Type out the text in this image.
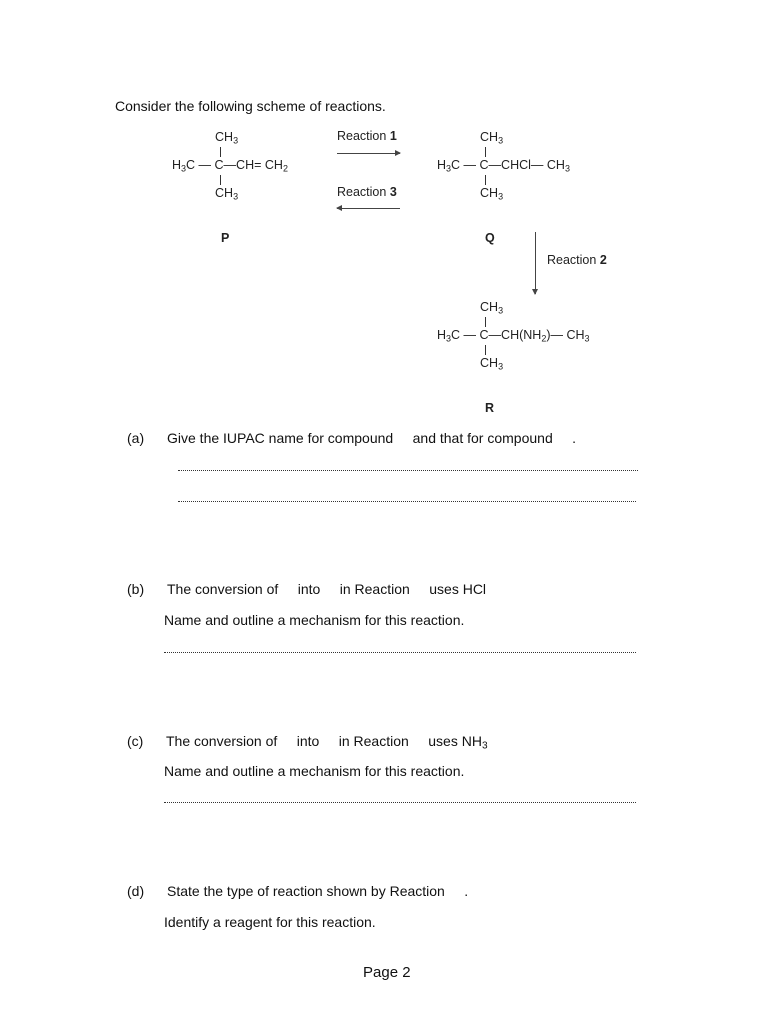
Consider the following scheme of reactions.
$CH_3$
$H_3C$ — C—CH= $CH_2$
$CH_3$
P
Reaction 1
Reaction 3
$CH_3$
$H_3C$ — C—CHCl— $CH_3$
$CH_3$
Q
Reaction 2
$CH_3$
$H_3C$ — $C—CH(NH_2)—$ $CH_3$
$CH_3$
R
(a) Give the IUPAC name for compound     and that for compound     .
(b) The conversion of     into     in Reaction     uses HCl
Name and outline a mechanism for this reaction.
(c) The conversion of     into     in Reaction     uses $NH_3$
Name and outline a mechanism for this reaction.
(d) State the type of reaction shown by Reaction     .
Identify a reagent for this reaction.
Page 2
